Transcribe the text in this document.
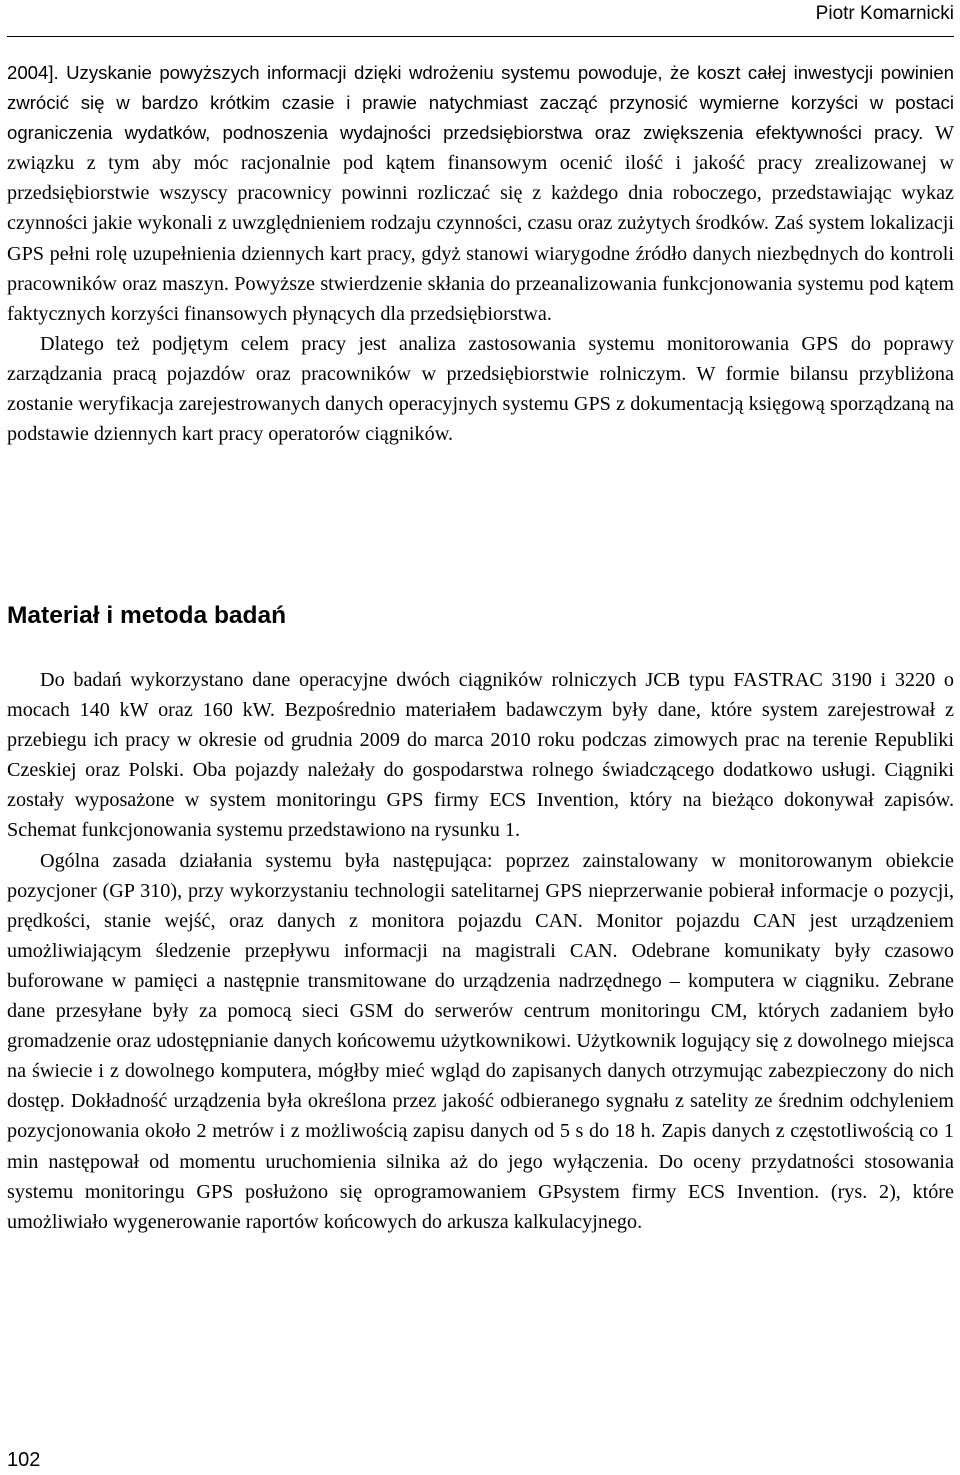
Piotr Komarnicki

2004]. Uzyskanie powyższych informacji dzięki wdrożeniu systemu powoduje, że koszt całej inwestycji powinien zwrócić się w bardzo krótkim czasie i prawie natychmiast zacząć przynosić wymierne korzyści w postaci ograniczenia wydatków, podnoszenia wydajności przedsiębiorstwa oraz zwiększenia efektywności pracy. W związku z tym aby móc racjonalnie pod kątem finansowym ocenić ilość i jakość pracy zrealizowanej w przedsiębiorstwie wszyscy pracownicy powinni rozliczać się z każdego dnia roboczego, przedstawiając wykaz czynności jakie wykonali z uwzględnieniem rodzaju czynności, czasu oraz zużytych środków. Zaś system lokalizacji GPS pełni rolę uzupełnienia dziennych kart pracy, gdyż stanowi wiarygodne źródło danych niezbędnych do kontroli pracowników oraz maszyn. Powyższe stwierdzenie skłania do przeanalizowania funkcjonowania systemu pod kątem faktycznych korzyści finansowych płynących dla przedsiębiorstwa.

Dlatego też podjętym celem pracy jest analiza zastosowania systemu monitorowania GPS do poprawy zarządzania pracą pojazdów oraz pracowników w przedsiębiorstwie rolniczym. W formie bilansu przybliżona zostanie weryfikacja zarejestrowanych danych operacyjnych systemu GPS z dokumentacją księgową sporządzaną na podstawie dziennych kart pracy operatorów ciągników.

Materiał i metoda badań

Do badań wykorzystano dane operacyjne dwóch ciągników rolniczych JCB typu FASTRAC 3190 i 3220 o mocach 140 kW oraz 160 kW. Bezpośrednio materiałem badawczym były dane, które system zarejestrował z przebiegu ich pracy w okresie od grudnia 2009 do marca 2010 roku podczas zimowych prac na terenie Republiki Czeskiej oraz Polski. Oba pojazdy należały do gospodarstwa rolnego świadczącego dodatkowo usługi. Ciągniki zostały wyposażone w system monitoringu GPS firmy ECS Invention, który na bieżąco dokonywał zapisów. Schemat funkcjonowania systemu przedstawiono na rysunku 1.

Ogólna zasada działania systemu była następująca: poprzez zainstalowany w monitorowanym obiekcie pozycjoner (GP 310), przy wykorzystaniu technologii satelitarnej GPS nieprzerwanie pobierał informacje o pozycji, prędkości, stanie wejść, oraz danych z monitora pojazdu CAN. Monitor pojazdu CAN jest urządzeniem umożliwiającym śledzenie przepływu informacji na magistrali CAN. Odebrane komunikaty były czasowo buforowane w pamięci a następnie transmitowane do urządzenia nadrzędnego – komputera w ciągniku. Zebrane dane przesyłane były za pomocą sieci GSM do serwerów centrum monitoringu CM, których zadaniem było gromadzenie oraz udostępnianie danych końcowemu użytkownikowi. Użytkownik logujący się z dowolnego miejsca na świecie i z dowolnego komputera, mógłby mieć wgląd do zapisanych danych otrzymując zabezpieczony do nich dostęp. Dokładność urządzenia była określona przez jakość odbieranego sygnału z satelity ze średnim odchyleniem pozycjonowania około 2 metrów i z możliwością zapisu danych od 5 s do 18 h. Zapis danych z częstotliwością co 1 min następował od momentu uruchomienia silnika aż do jego wyłączenia. Do oceny przydatności stosowania systemu monitoringu GPS posłużono się oprogramowaniem GPsystem firmy ECS Invention. (rys. 2), które umożliwiało wygenerowanie raportów końcowych do arkusza kalkulacyjnego.

102
